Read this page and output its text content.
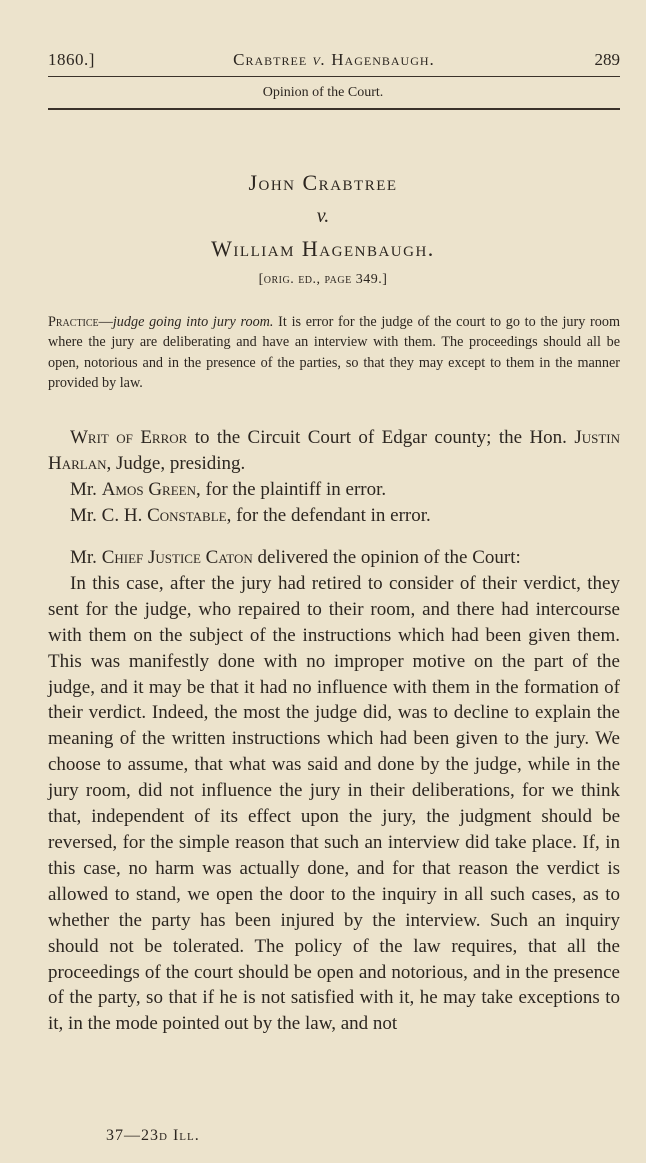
1860.]	Crabtree v. Hagenbaugh.	289
Opinion of the Court.
John Crabtree
v.
William Hagenbaugh.
[orig. ed., page 349.]
Practice—judge going into jury room. It is error for the judge of the court to go to the jury room where the jury are deliberating and have an interview with them. The proceedings should all be open, notorious and in the presence of the parties, so that they may except to them in the manner provided by law.

Writ of Error to the Circuit Court of Edgar county; the Hon. Justin Harlan, Judge, presiding.

Mr. Amos Green, for the plaintiff in error.

Mr. C. H. Constable, for the defendant in error.

Mr. Chief Justice Caton delivered the opinion of the Court:

In this case, after the jury had retired to consider of their verdict, they sent for the judge, who repaired to their room, and there had intercourse with them on the subject of the instructions which had been given them. This was manifestly done with no improper motive on the part of the judge, and it may be that it had no influence with them in the formation of their verdict. Indeed, the most the judge did, was to decline to explain the meaning of the written instructions which had been given to the jury. We choose to assume, that what was said and done by the judge, while in the jury room, did not influence the jury in their deliberations, for we think that, independent of its effect upon the jury, the judgment should be reversed, for the simple reason that such an interview did take place. If, in this case, no harm was actually done, and for that reason the verdict is allowed to stand, we open the door to the inquiry in all such cases, as to whether the party has been injured by the interview. Such an inquiry should not be tolerated. The policy of the law requires, that all the proceedings of the court should be open and notorious, and in the presence of the party, so that if he is not satisfied with it, he may take exceptions to it, in the mode pointed out by the law, and not

37—23d Ill.
